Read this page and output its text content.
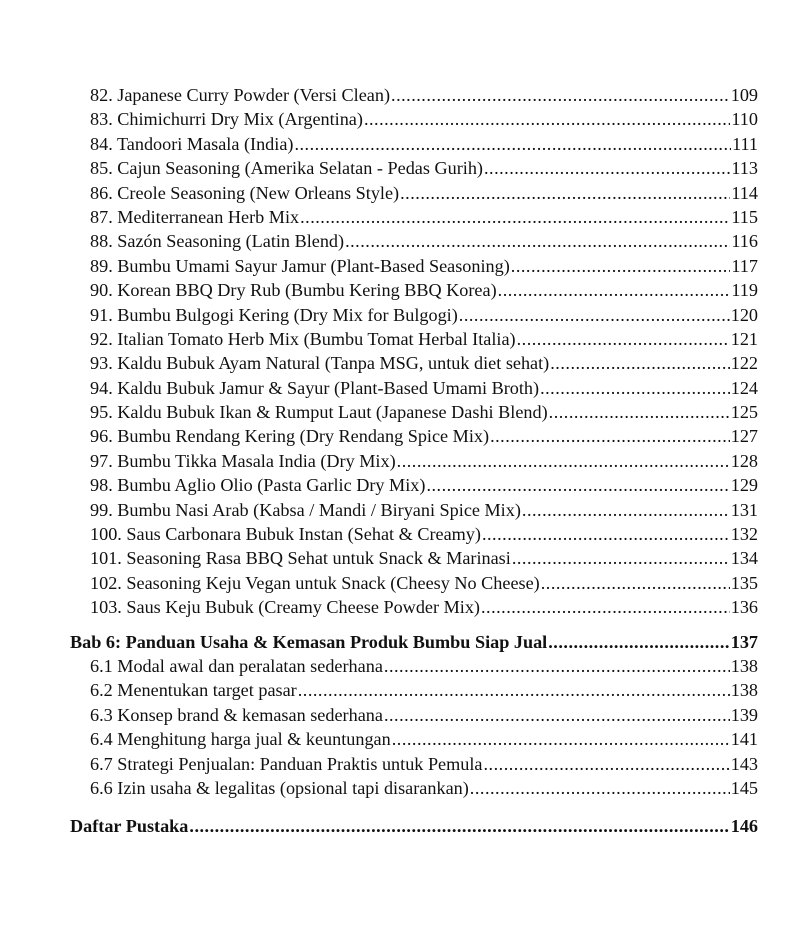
82. Japanese Curry Powder (Versi Clean) .....	109
83. Chimichurri Dry Mix (Argentina) .....	110
84. Tandoori Masala (India) .....	111
85. Cajun Seasoning (Amerika Selatan - Pedas Gurih) .....	113
86. Creole Seasoning (New Orleans Style) .....	114
87. Mediterranean Herb Mix .....	115
88. Sazón Seasoning (Latin Blend) .....	116
89. Bumbu Umami Sayur Jamur (Plant-Based Seasoning) .....	117
90. Korean BBQ Dry Rub (Bumbu Kering BBQ Korea) .....	119
91. Bumbu Bulgogi Kering (Dry Mix for Bulgogi) .....	120
92. Italian Tomato Herb Mix (Bumbu Tomat Herbal Italia) .....	121
93. Kaldu Bubuk Ayam Natural (Tanpa MSG, untuk diet sehat) .....	122
94. Kaldu Bubuk Jamur & Sayur (Plant-Based Umami Broth) .....	124
95. Kaldu Bubuk Ikan & Rumput Laut (Japanese Dashi Blend) .....	125
96. Bumbu Rendang Kering (Dry Rendang Spice Mix) .....	127
97. Bumbu Tikka Masala India (Dry Mix) .....	128
98. Bumbu Aglio Olio (Pasta Garlic Dry Mix) .....	129
99. Bumbu Nasi Arab (Kabsa / Mandi / Biryani Spice Mix) .....	131
100. Saus Carbonara Bubuk Instan (Sehat & Creamy) .....	132
101. Seasoning Rasa BBQ Sehat untuk Snack & Marinasi .....	134
102. Seasoning Keju Vegan untuk Snack (Cheesy No Cheese) .....	135
103. Saus Keju Bubuk (Creamy Cheese Powder Mix) .....	136
Bab 6: Panduan Usaha & Kemasan Produk Bumbu Siap Jual .....	137
6.1 Modal awal dan peralatan sederhana .....	138
6.2 Menentukan target pasar .....	138
6.3 Konsep brand & kemasan sederhana .....	139
6.4 Menghitung harga jual & keuntungan .....	141
6.7 Strategi Penjualan: Panduan Praktis untuk Pemula .....	143
6.6 Izin usaha & legalitas (opsional tapi disarankan) .....	145
Daftar Pustaka .....	146
